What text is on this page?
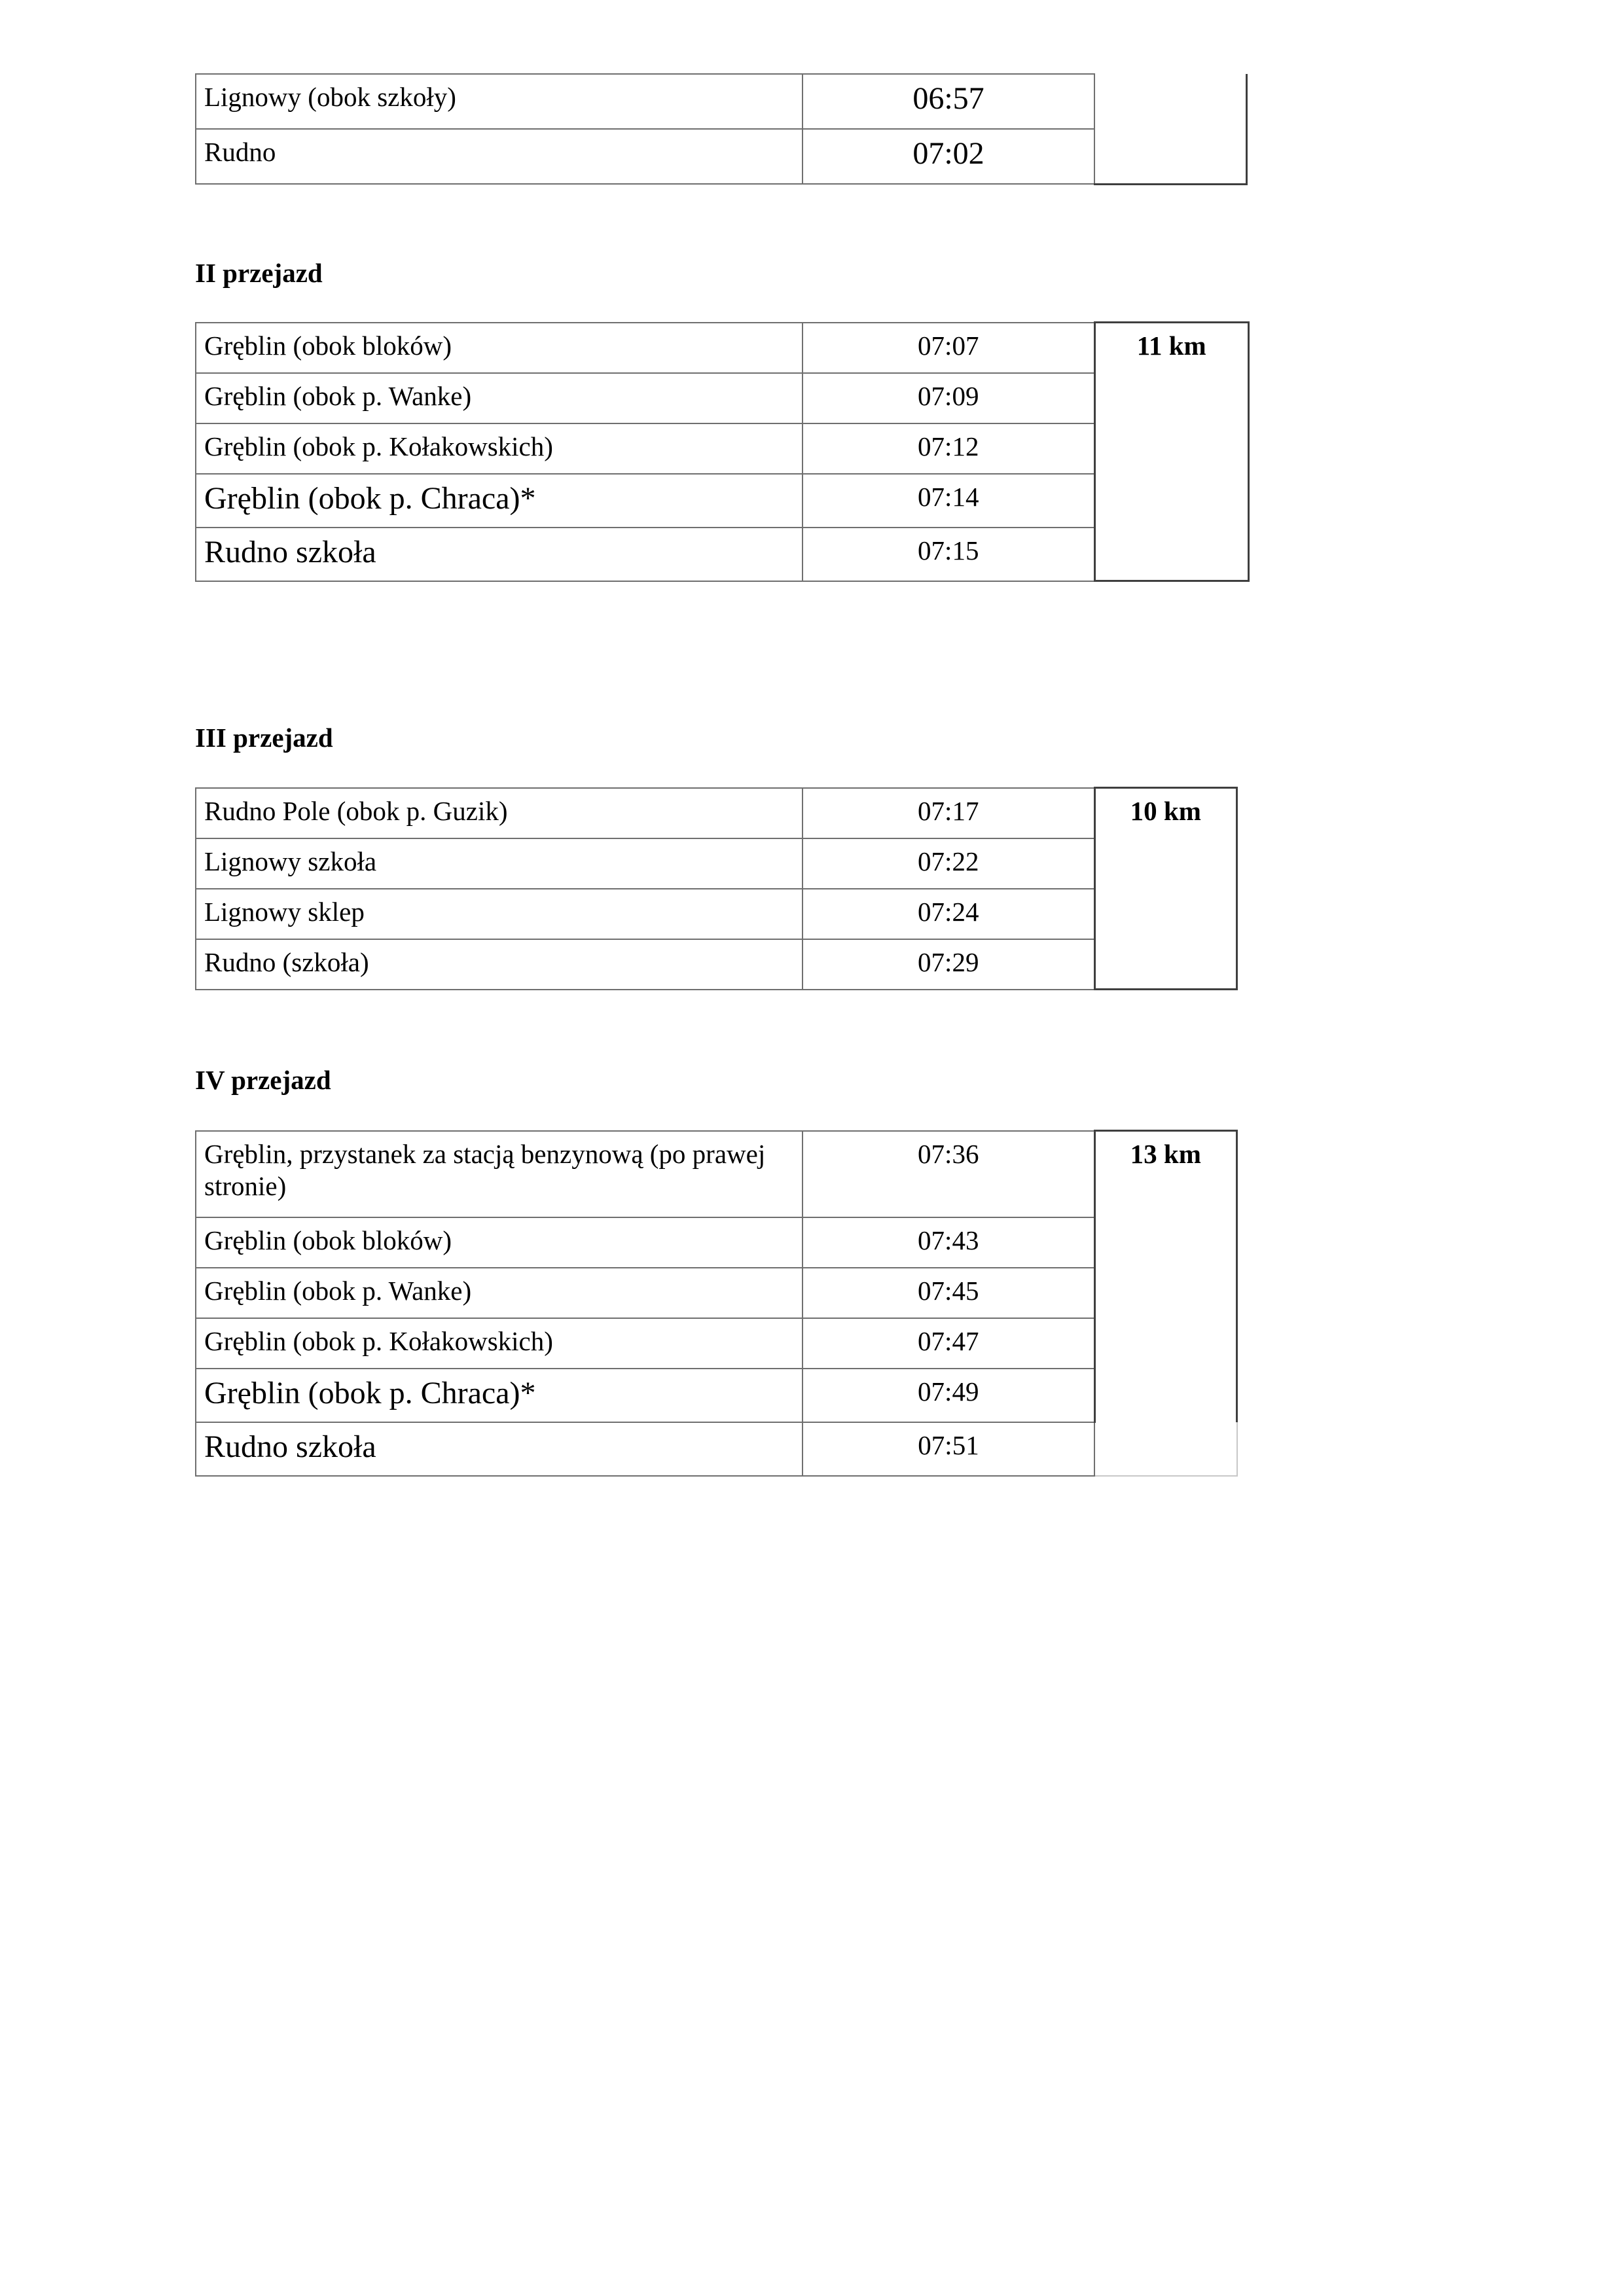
Lignowy (obok szkoły)	06:57	
Rudno	07:02	
II przejazd
Gręblin (obok bloków)	07:07	11 km
Gręblin (obok p. Wanke)	07:09	
Gręblin (obok p. Kołakowskich)	07:12	
Gręblin (obok p. Chraca)*	07:14	
Rudno szkoła	07:15	
III przejazd
Rudno Pole (obok p. Guzik)	07:17	10 km
Lignowy szkoła	07:22	
Lignowy sklep	07:24	
Rudno (szkoła)	07:29	
IV przejazd
Gręblin, przystanek za stacją benzynową (po prawej stronie)	07:36	13 km
Gręblin (obok bloków)	07:43	
Gręblin (obok p. Wanke)	07:45	
Gręblin (obok p. Kołakowskich)	07:47	
Gręblin (obok p. Chraca)*	07:49	
Rudno szkoła	07:51	
